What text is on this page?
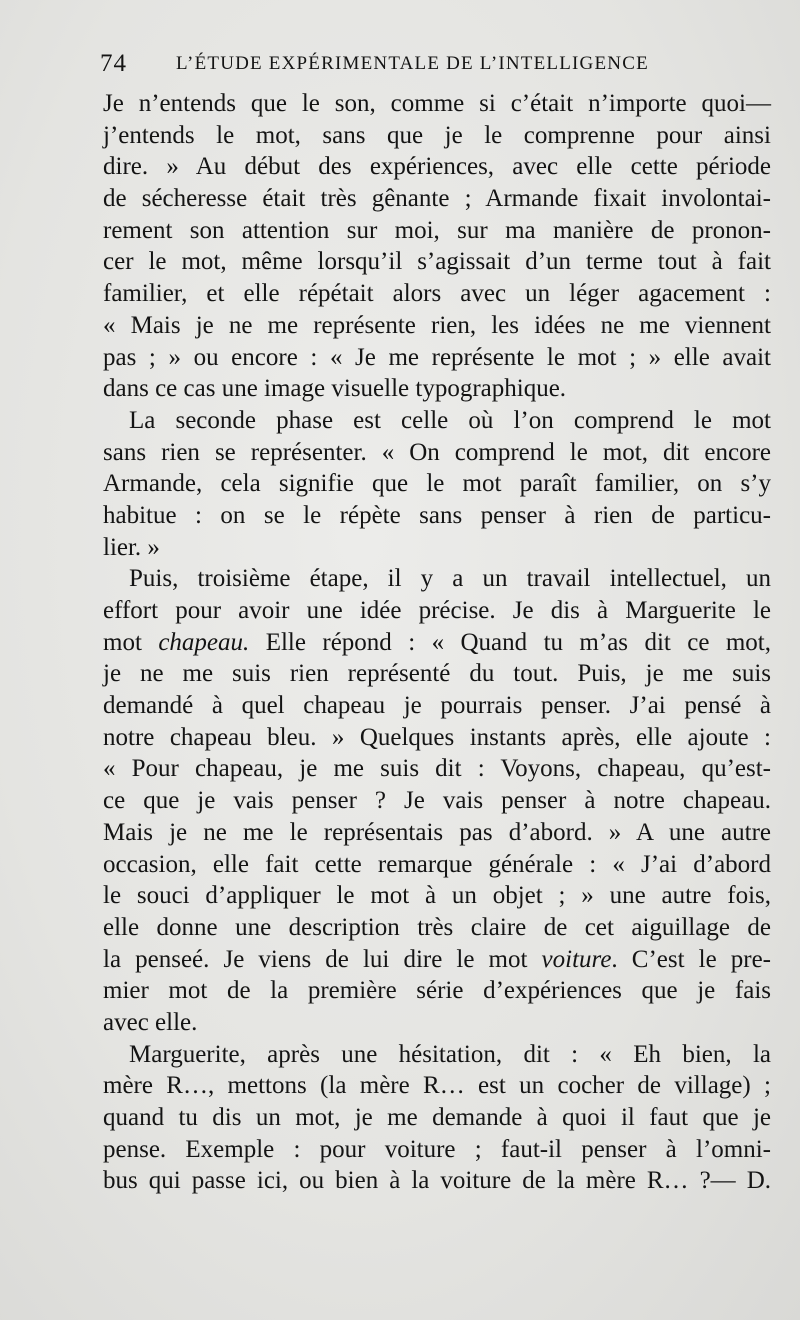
74	L’ÉTUDE EXPÉRIMENTALE DE L’INTELLIGENCE
Je n’entends que le son, comme si c’était n’importe quoi—
j’entends le mot, sans que je le comprenne pour ainsi
dire. » Au début des expériences, avec elle cette période
de sécheresse était très gênante ; Armande fixait involontai-
rement son attention sur moi, sur ma manière de pronon-
cer le mot, même lorsqu’il s’agissait d’un terme tout à fait
familier, et elle répétait alors avec un léger agacement :
« Mais je ne me représente rien, les idées ne me viennent
pas ; » ou encore : « Je me représente le mot ; » elle avait
dans ce cas une image visuelle typographique.
La seconde phase est celle où l’on comprend le mot
sans rien se représenter. « On comprend le mot, dit encore
Armande, cela signifie que le mot paraît familier, on s’y
habitue : on se le répète sans penser à rien de particu-
lier. »
Puis, troisième étape, il y a un travail intellectuel, un
effort pour avoir une idée précise. Je dis à Marguerite le
mot chapeau. Elle répond : « Quand tu m’as dit ce mot,
je ne me suis rien représenté du tout. Puis, je me suis
demandé à quel chapeau je pourrais penser. J’ai pensé à
notre chapeau bleu. » Quelques instants après, elle ajoute :
« Pour chapeau, je me suis dit : Voyons, chapeau, qu’est-
ce que je vais penser ? Je vais penser à notre chapeau.
Mais je ne me le représentais pas d’abord. » A une autre
occasion, elle fait cette remarque générale : « J’ai d’abord
le souci d’appliquer le mot à un objet ; » une autre fois,
elle donne une description très claire de cet aiguillage de
la penseé. Je viens de lui dire le mot voiture. C’est le pre-
mier mot de la première série d’expériences que je fais
avec elle.
Marguerite, après une hésitation, dit : « Eh bien, la
mère R…, mettons (la mère R… est un cocher de village) ;
quand tu dis un mot, je me demande à quoi il faut que je
pense. Exemple : pour voiture ; faut-il penser à l’omni-
bus qui passe ici, ou bien à la voiture de la mère R… ?— D.
